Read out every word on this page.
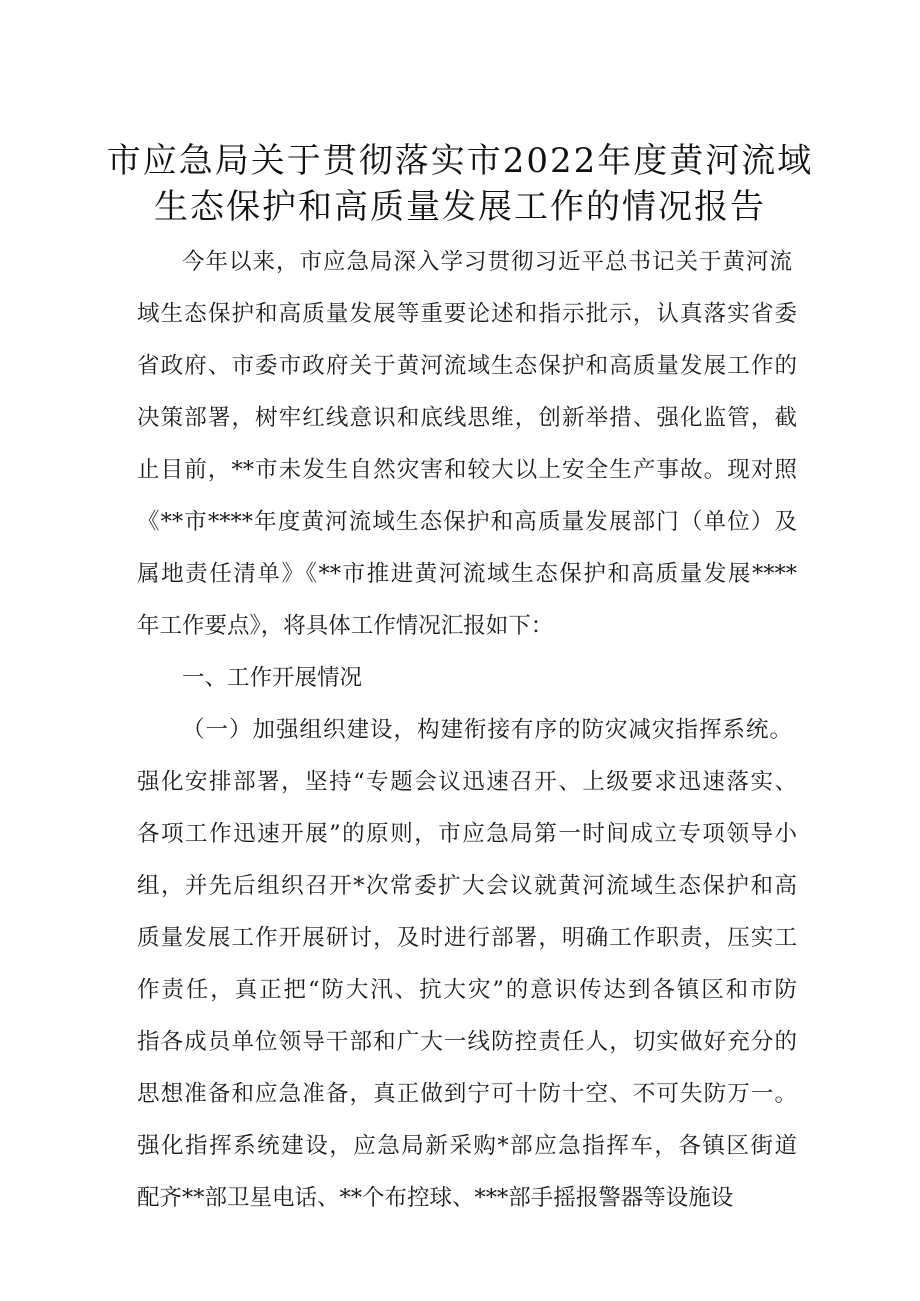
市应急局关于贯彻落实市2022年度黄河流域
生态保护和高质量发展工作的情况报告
今年以来，市应急局深入学习贯彻习近平总书记关于黄河流
域生态保护和高质量发展等重要论述和指示批示，认真落实省委
省政府、市委市政府关于黄河流域生态保护和高质量发展工作的
决策部署，树牢红线意识和底线思维，创新举措、强化监管，截
止目前，**市未发生自然灾害和较大以上安全生产事故。现对照
《**市****年度黄河流域生态保护和高质量发展部门（单位）及
属地责任清单》《**市推进黄河流域生态保护和高质量发展****
年工作要点》，将具体工作情况汇报如下：
一、工作开展情况
（一）加强组织建设，构建衔接有序的防灾减灾指挥系统。
强化安排部署，坚持“专题会议迅速召开、上级要求迅速落实、
各项工作迅速开展”的原则，市应急局第一时间成立专项领导小
组，并先后组织召开*次常委扩大会议就黄河流域生态保护和高
质量发展工作开展研讨，及时进行部署，明确工作职责，压实工
作责任，真正把“防大汛、抗大灾”的意识传达到各镇区和市防
指各成员单位领导干部和广大一线防控责任人，切实做好充分的
思想准备和应急准备，真正做到宁可十防十空、不可失防万一。
强化指挥系统建设，应急局新采购*部应急指挥车，各镇区街道
配齐**部卫星电话、**个布控球、***部手摇报警器等设施设
